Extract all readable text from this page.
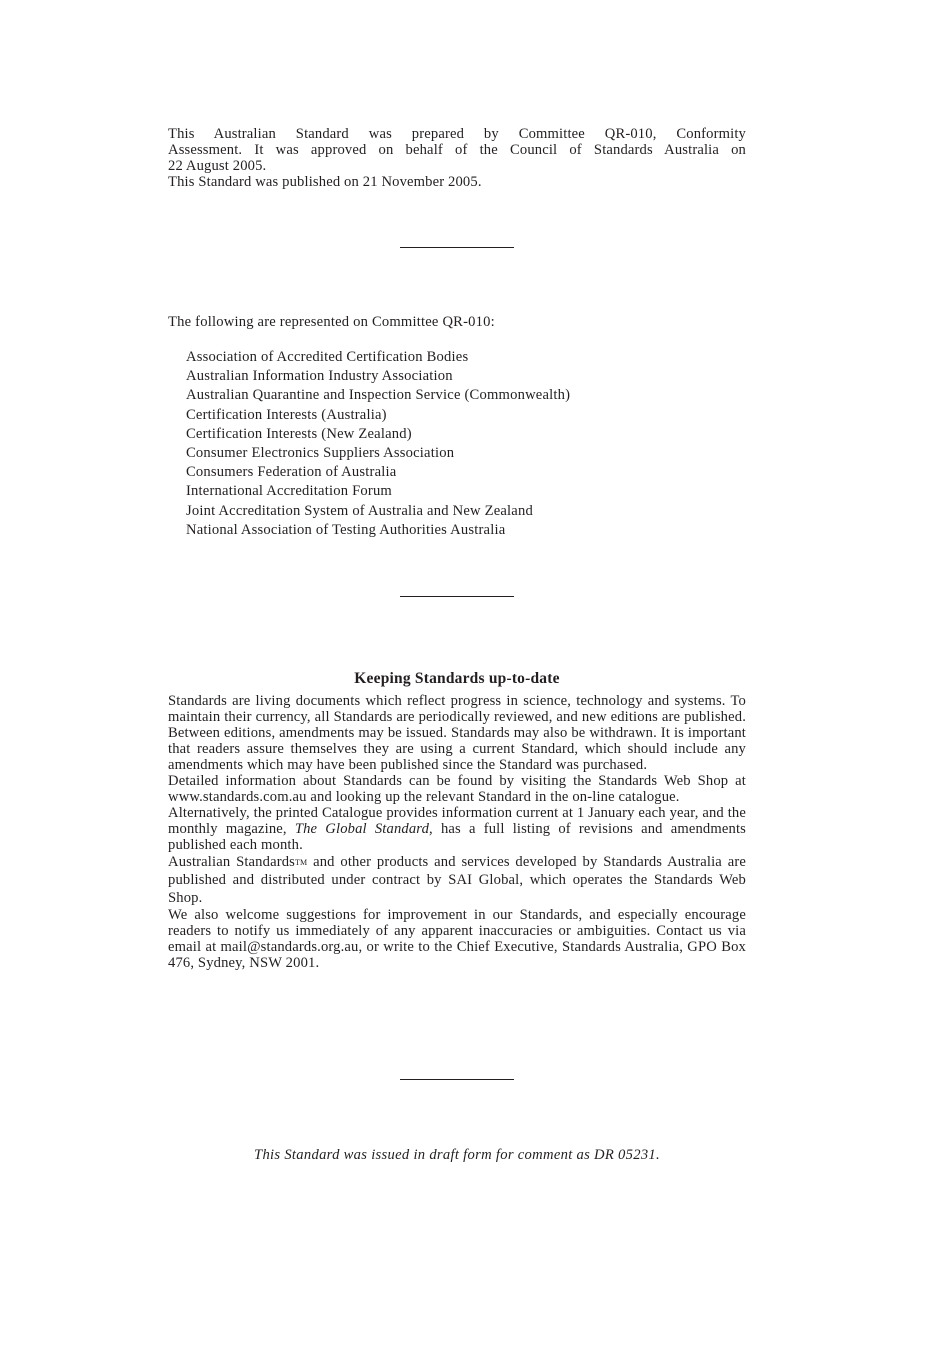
This Australian Standard was prepared by Committee QR-010, Conformity

Assessment. It was approved on behalf of the Council of Standards Australia on

22 August 2005.

This Standard was published on 21 November 2005.

The following are represented on Committee QR-010:

Association of Accredited Certification Bodies
Australian Information Industry Association
Australian Quarantine and Inspection Service (Commonwealth)
Certification Interests (Australia)
Certification Interests (New Zealand)
Consumer Electronics Suppliers Association
Consumers Federation of Australia
International Accreditation Forum
Joint Accreditation System of Australia and New Zealand
National Association of Testing Authorities Australia
Keeping Standards up-to-date

Standards are living documents which reflect progress in science, technology and systems. To maintain their currency, all Standards are periodically reviewed, and new editions are published. Between editions, amendments may be issued. Standards may also be withdrawn. It is important that readers assure themselves they are using a current Standard, which should include any amendments which may have been published since the Standard was purchased.

Detailed information about Standards can be found by visiting the Standards Web Shop at www.standards.com.au and looking up the relevant Standard in the on-line catalogue.

Alternatively, the printed Catalogue provides information current at 1 January each year, and the monthly magazine, The Global Standard, has a full listing of revisions and amendments published each month.

Australian Standards™ and other products and services developed by Standards Australia are published and distributed under contract by SAI Global, which operates the Standards Web Shop.

We also welcome suggestions for improvement in our Standards, and especially encourage readers to notify us immediately of any apparent inaccuracies or ambiguities. Contact us via email at mail@standards.org.au, or write to the Chief Executive, Standards Australia, GPO Box 476, Sydney, NSW 2001.

This Standard was issued in draft form for comment as DR 05231.
